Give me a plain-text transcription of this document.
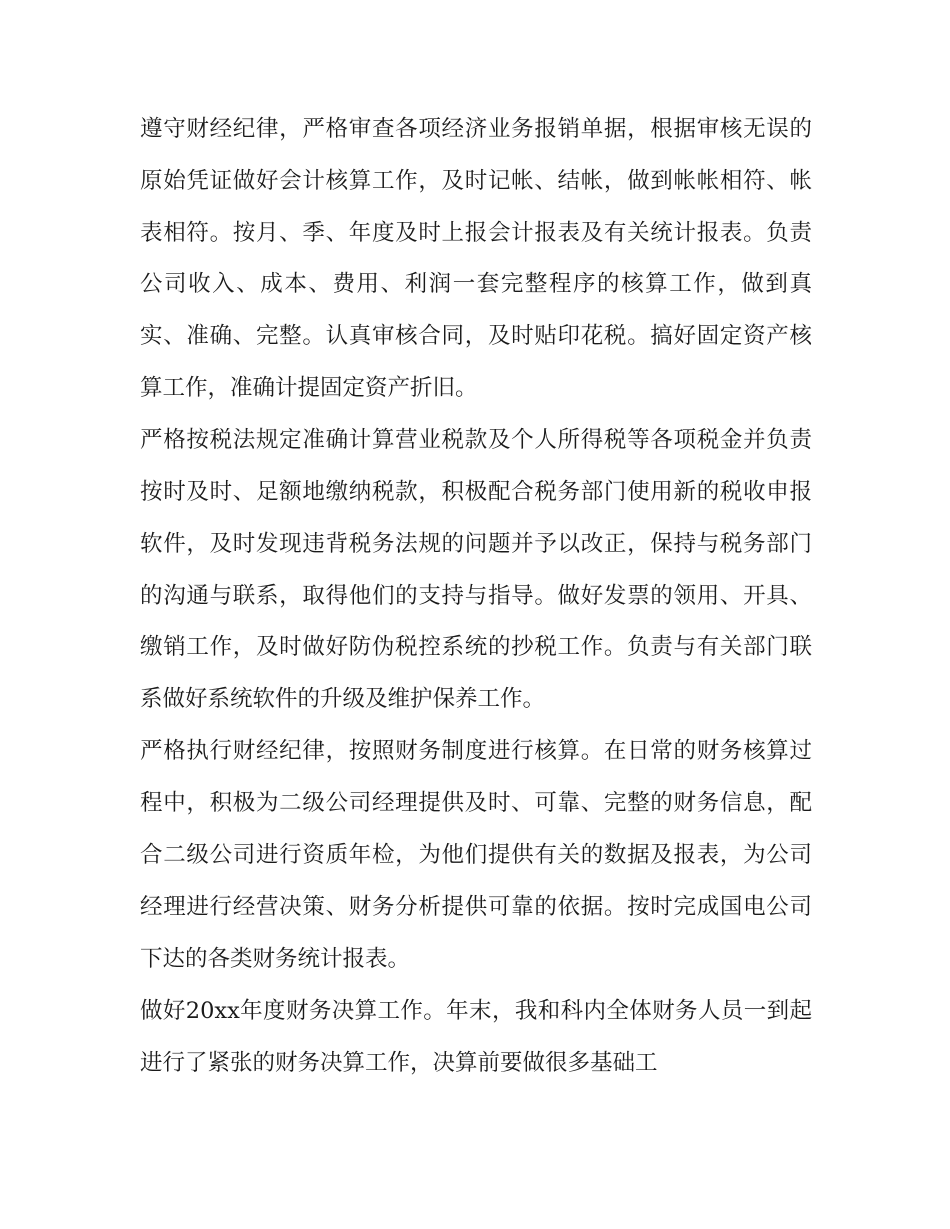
遵守财经纪律，严格审查各项经济业务报销单据，根据审核无误的原始凭证做好会计核算工作，及时记帐、结帐，做到帐帐相符、帐表相符。按月、季、年度及时上报会计报表及有关统计报表。负责公司收入、成本、费用、利润一套完整程序的核算工作，做到真实、准确、完整。认真审核合同，及时贴印花税。搞好固定资产核算工作，准确计提固定资产折旧。

严格按税法规定准确计算营业税款及个人所得税等各项税金并负责按时及时、足额地缴纳税款，积极配合税务部门使用新的税收申报软件，及时发现违背税务法规的问题并予以改正，保持与税务部门的沟通与联系，取得他们的支持与指导。做好发票的领用、开具、缴销工作，及时做好防伪税控系统的抄税工作。负责与有关部门联系做好系统软件的升级及维护保养工作。

严格执行财经纪律，按照财务制度进行核算。在日常的财务核算过程中，积极为二级公司经理提供及时、可靠、完整的财务信息，配合二级公司进行资质年检，为他们提供有关的数据及报表，为公司经理进行经营决策、财务分析提供可靠的依据。按时完成国电公司下达的各类财务统计报表。

做好20xx年度财务决算工作。年末，我和科内全体财务人员一到起进行了紧张的财务决算工作，决算前要做很多基础工
